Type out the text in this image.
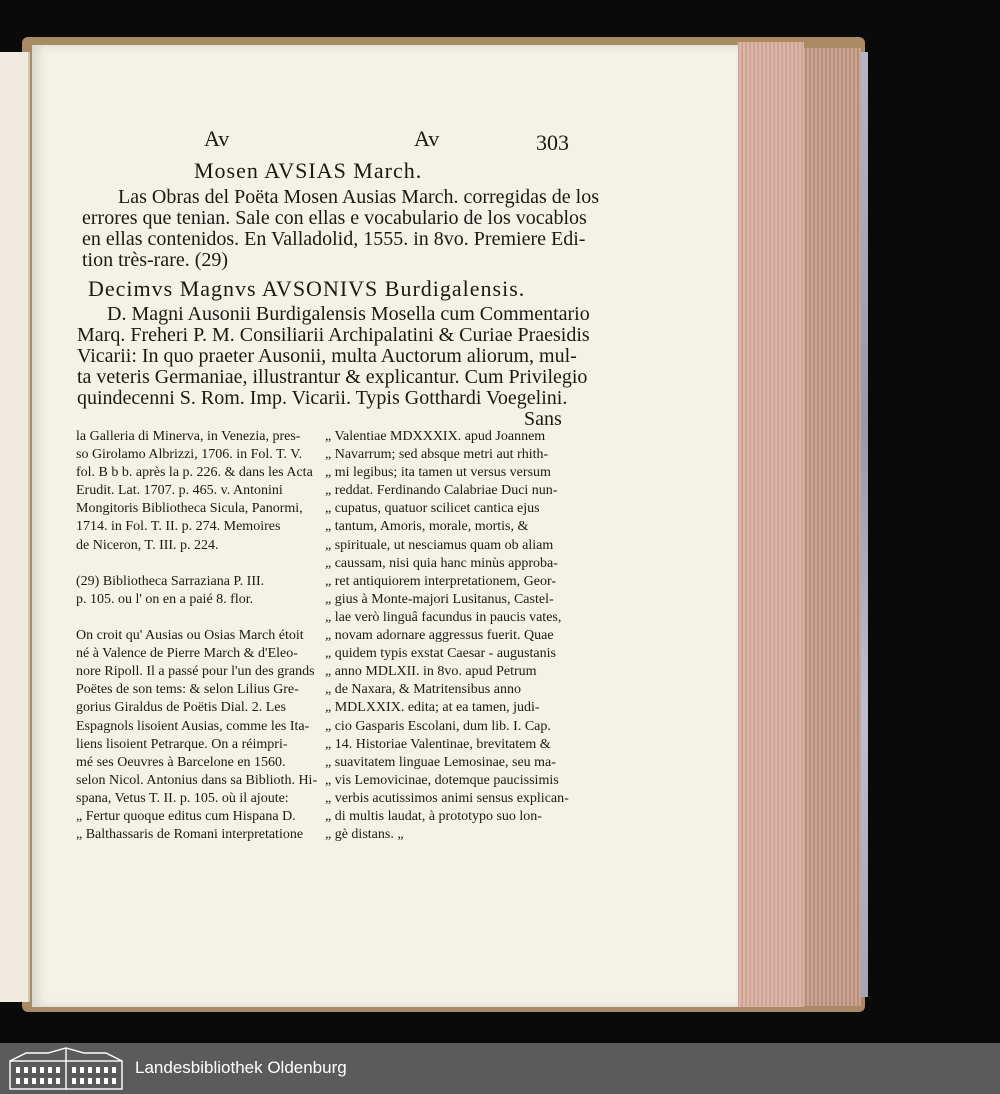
Av	Av	303
Mosen AVSIAS March.
Las Obras del Poëta Mosen Ausias March. corregidas de los
errores que tenian. Sale con ellas e vocabulario de los vocablos
en ellas contenidos. En Valladolid, 1555. in 8vo. Premiere Edi-
tion très-rare. (29)
Decimvs Magnvs AVSONIVS Burdigalensis.
D. Magni Ausonii Burdigalensis Mosella cum Commentario
Marq. Freheri P. M. Consiliarii Archipalatini & Curiae Praesidis
Vicarii: In quo praeter Ausonii, multa Auctorum aliorum, mul-
ta veteris Germaniae, illustrantur & explicantur. Cum Privilegio
quindecenni S. Rom. Imp. Vicarii. Typis Gotthardi Voegelini.
Sans
la Galleria di Minerva, in Venezia, pres-
so Girolamo Albrizzi, 1706. in Fol. T. V.
fol. B b b. après la p. 226. & dans les Acta
Erudit. Lat. 1707. p. 465. v. Antonini
Mongitoris Bibliotheca Sicula, Panormi,
1714. in Fol. T. II. p. 274. Memoires
de Niceron, T. III. p. 224.
(29) Bibliotheca Sarraziana P. III.
p. 105. ou l' on en a paié 8. flor.
On croit qu' Ausias ou Osias March étoit
né à Valence de Pierre March & d'Eleo-
nore Ripoll. Il a passé pour l'un des grands
Poëtes de son tems: & selon Lilius Gre-
gorius Giraldus de Poëtis Dial. 2. Les
Espagnols lisoient Ausias, comme les Ita-
liens lisoient Petrarque. On a réimpri-
mé ses Oeuvres à Barcelone en 1560.
selon Nicol. Antonius dans sa Biblioth. Hi-
spana, Vetus T. II. p. 105. où il ajoute:
„ Fertur quoque editus cum Hispana D.
„ Balthassaris de Romani interpretatione
„ Valentiae MDXXXIX. apud Joannem
„ Navarrum; sed absque metri aut rhith-
„ mi legibus; ita tamen ut versus versum
„ reddat. Ferdinando Calabriae Duci nun-
„ cupatus, quatuor scilicet cantica ejus
„ tantum, Amoris, morale, mortis, &
„ spirituale, ut nesciamus quam ob aliam
„ caussam, nisi quia hanc minùs approba-
„ ret antiquiorem interpretationem, Geor-
„ gius à Monte-majori Lusitanus, Castel-
„ lae verò linguâ facundus in paucis vates,
„ novam adornare aggressus fuerit. Quae
„ quidem typis exstat Caesar - augustanis
„ anno MDLXII. in 8vo. apud Petrum
„ de Naxara, & Matritensibus anno
„ MDLXXIX. edita; at ea tamen, judi-
„ cio Gasparis Escolani, dum lib. I. Cap.
„ 14. Historiae Valentinae, brevitatem &
„ suavitatem linguae Lemosinae, seu ma-
„ vis Lemovicinae, dotemque paucissimis
„ verbis acutissimos animi sensus explican-
„ di multis laudat, à prototypo suo lon-
„ gè distans. „
Landesbibliothek Oldenburg
